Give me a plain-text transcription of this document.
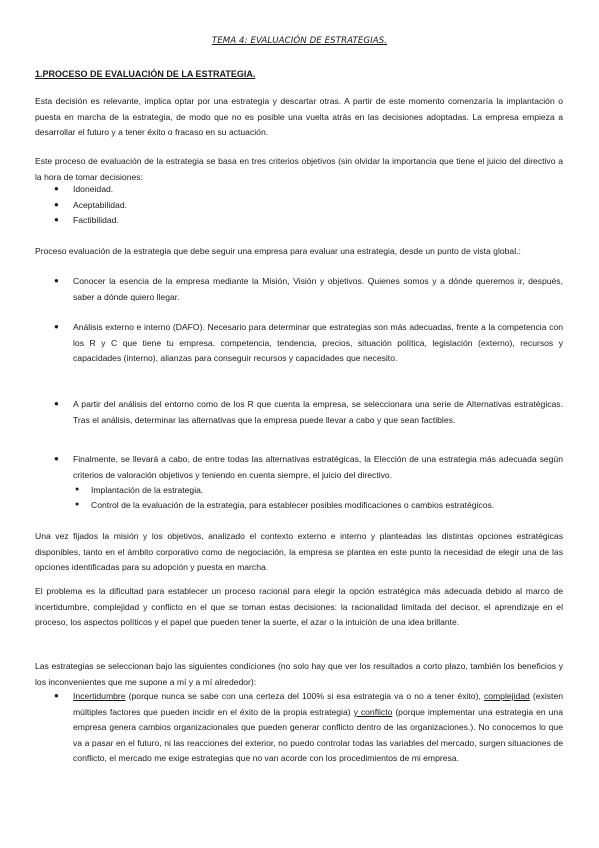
TEMA 4: EVALUACIÓN DE ESTRATEGIAS.
1.PROCESO DE EVALUACIÓN DE LA ESTRATEGIA.
Esta decisión es relevante, implica optar por una estrategia y descartar otras. A partir de este momento comenzaría la implantación o puesta en marcha de la estrategia, de modo que no es posible una vuelta atrás en las decisiones adoptadas. La empresa empieza a desarrollar el futuro y a tener éxito o fracaso en su actuación.
Este proceso de evaluación de la estrategia se basa en tres criterios objetivos (sin olvidar la importancia que tiene el juicio del directivo a la hora de tomar decisiones:
● Idoneidad.
● Aceptabilidad.
● Factibilidad.
Proceso evaluación de la estrategia que debe seguir una empresa para evaluar una estrategia, desde un punto de vista global.:
● Conocer la esencia de la empresa mediante la Misión, Visión y objetivos. Quienes somos y a dónde queremos ir, después, saber a dónde quiero llegar.
● Análisis externo e interno (DAFO). Necesario para determinar que estrategias son más adecuadas, frente a la competencia con los R y C que tiene tu empresa. competencia, tendencia, precios, situación política, legislación (externo), recursos y capacidades (interno), alianzas para conseguir recursos y capacidades que necesito.
● A partir del análisis del entorno como de los R que cuenta la empresa, se seleccionara una serie de Alternativas estratégicas. Tras el análisis, determinar las alternativas que la empresa puede llevar a cabo y que sean factibles.
● Finalmente, se llevará a cabo, de entre todas las alternativas estratégicas, la Elección de una estrategia más adecuada según criterios de valoración objetivos y teniendo en cuenta siempre, el juicio del directivo.
● Implantación de la estrategia.
● Control de la evaluación de la estrategia, para establecer posibles modificaciones o cambios estratégicos.
Una vez fijados la misión y los objetivos, analizado el contexto externo e interno y planteadas las distintas opciones estratégicas disponibles, tanto en el ámbito corporativo como de negociación, la empresa se plantea en este punto la necesidad de elegir una de las opciones identificadas para su adopción y puesta en marcha.
El problema es la dificultad para establecer un proceso racional para elegir la opción estratégica más adecuada debido al marco de incertidumbre, complejidad y conflicto en el que se toman estas decisiones: la racionalidad limitada del decisor, el aprendizaje en el proceso, los aspectos políticos y el papel que pueden tener la suerte, el azar o la intuición de una idea brillante.
Las estrategias se seleccionan bajo las siguientes condiciones (no solo hay que ver los resultados a corto plazo, también los beneficios y los inconvenientes que me supone a mí y a mí alrededor):
● Incertidumbre (porque nunca se sabe con una certeza del 100% si esa estrategia va o no a tener éxito), complejidad (existen múltiples factores que pueden incidir en el éxito de la propia estrategia) y conflicto (porque implementar una estrategia en una empresa genera cambios organizacionales que pueden generar conflicto dentro de las organizaciones.). No conocemos lo que va a pasar en el futuro, ni las reacciones del exterior, no puedo controlar todas las variables del mercado, surgen situaciones de conflicto, el mercado me exige estrategias que no van acorde con los procedimientos de mi empresa.
